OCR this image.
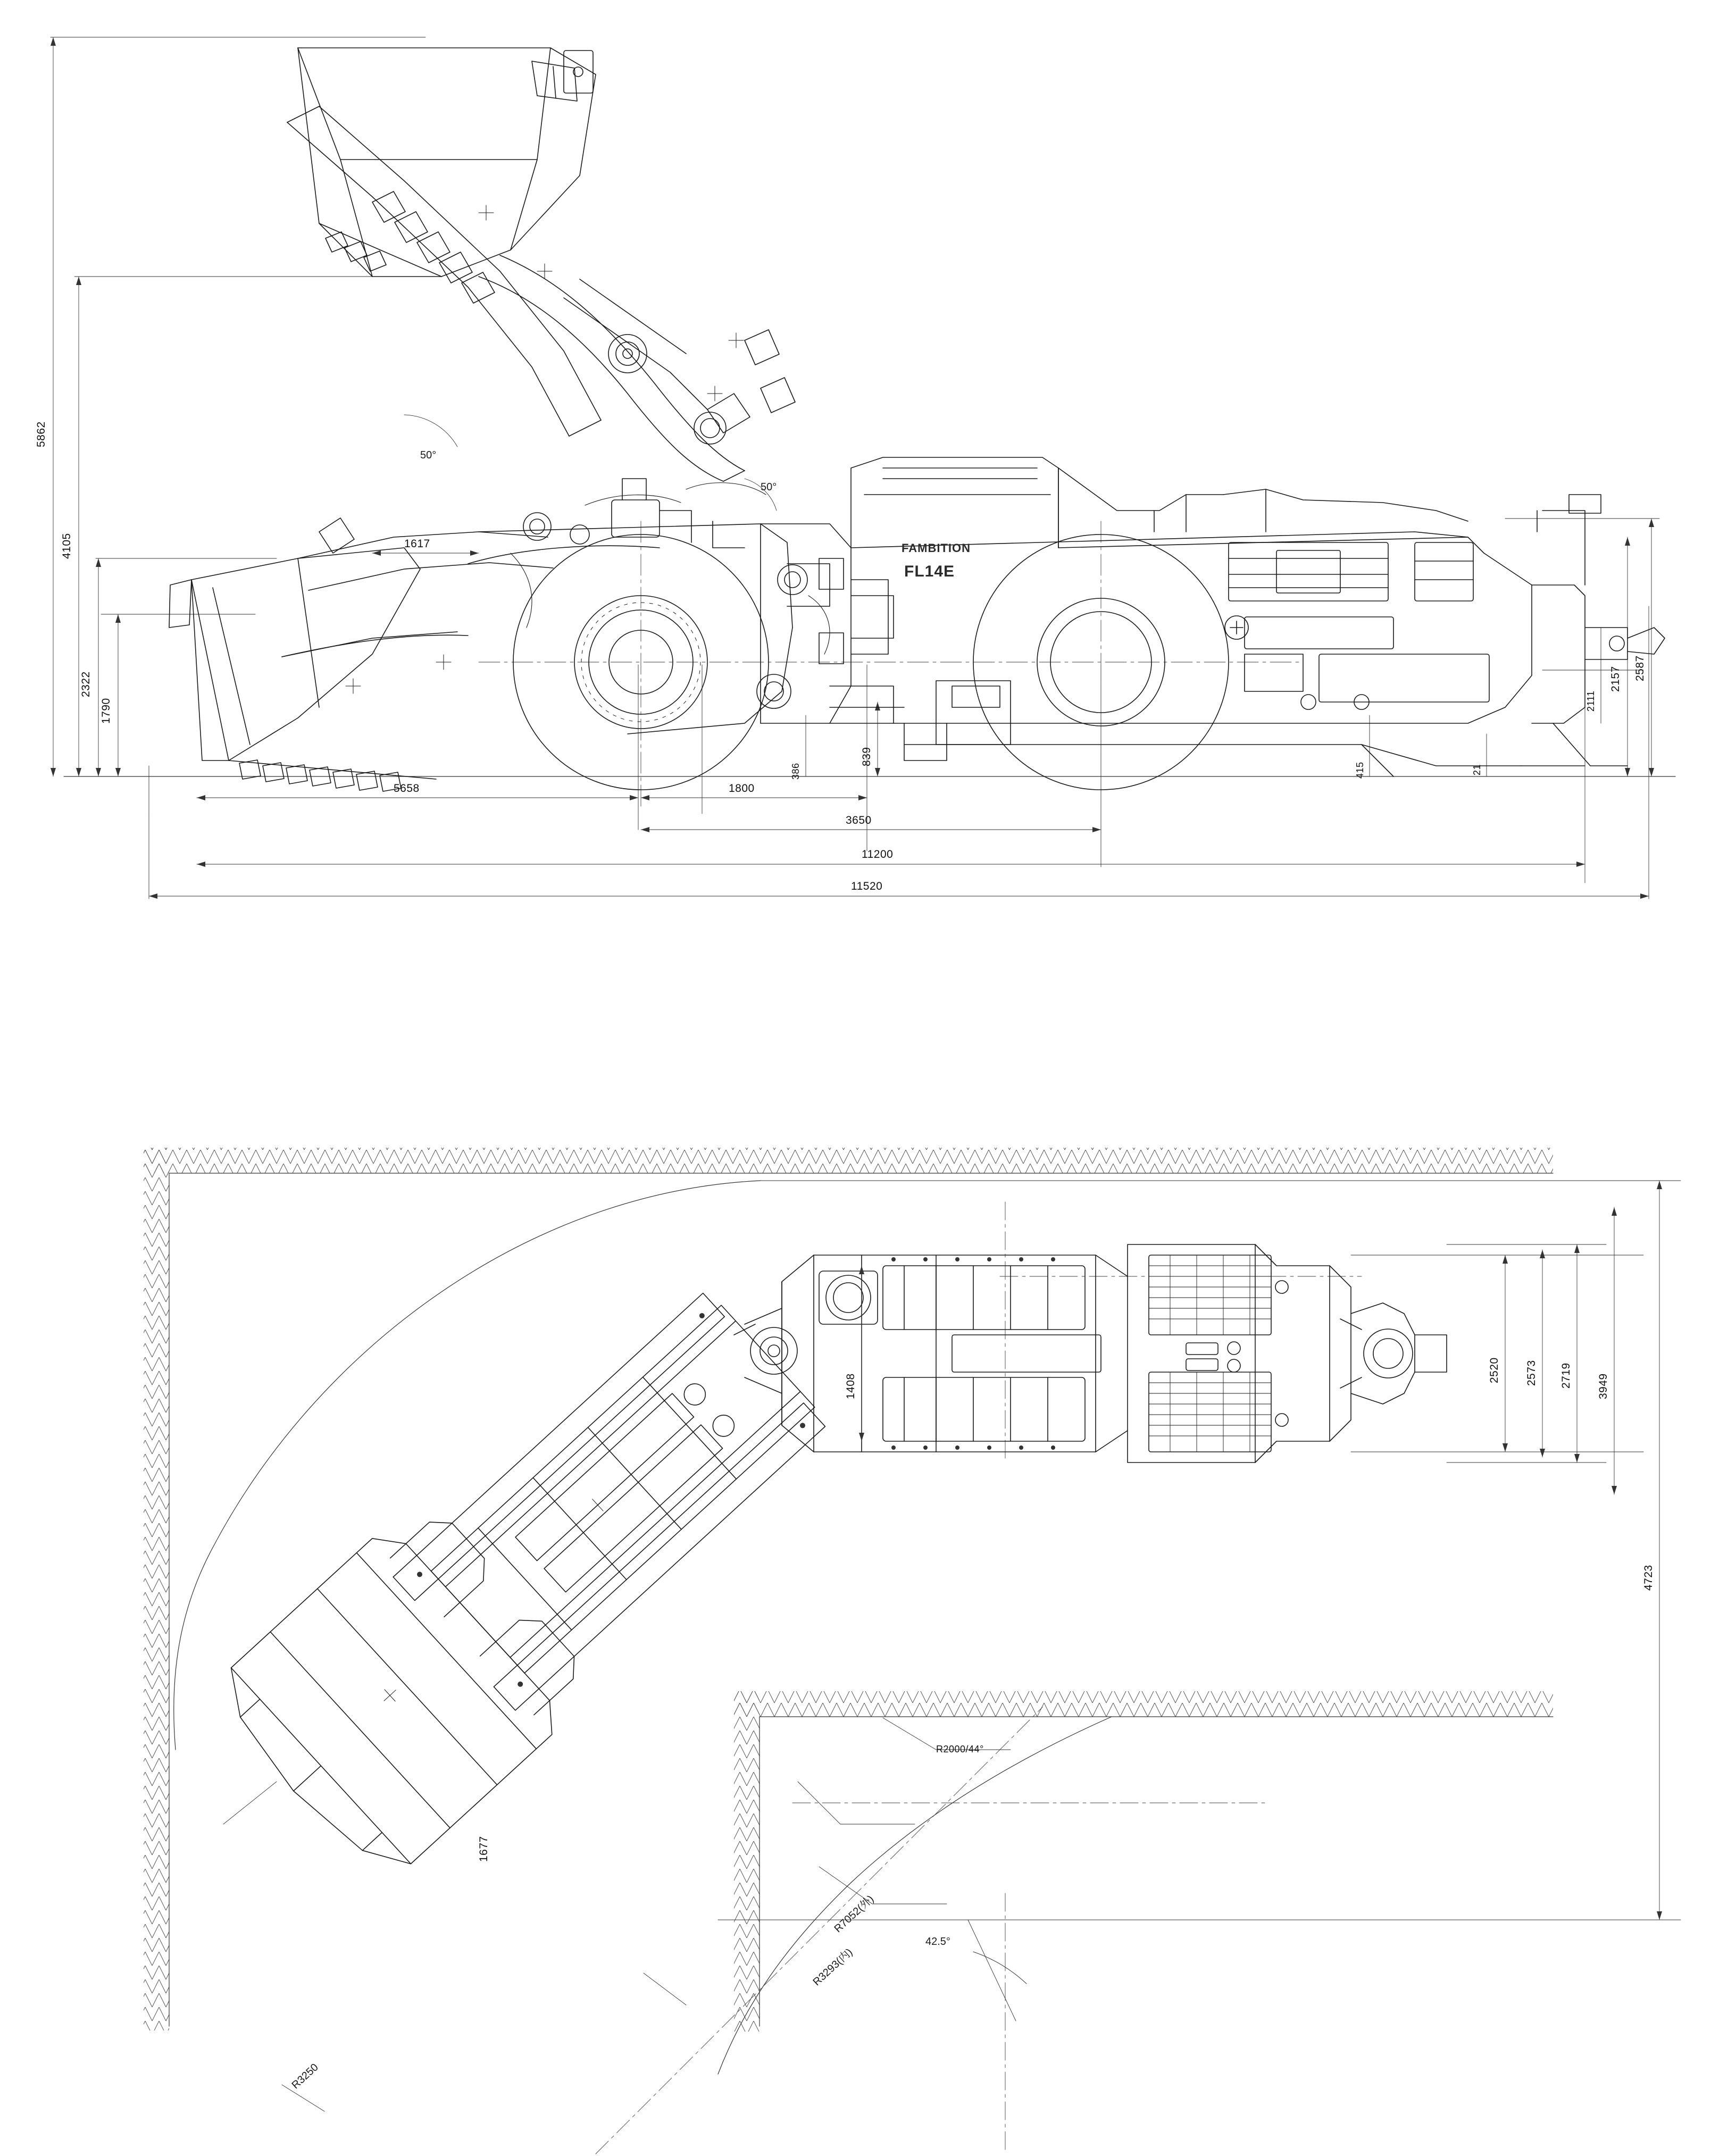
5862
4105
2322
1790
2587
2157
2111
839
386	415	21
1617
5658	1800
3650
11200
11520
50°
50°
FAMBITION
FL14E
2520 2573 2719 3949
4723
1408
1677
R7052(外)
R3293(内)
R3250
R2000/44°
42.5°
